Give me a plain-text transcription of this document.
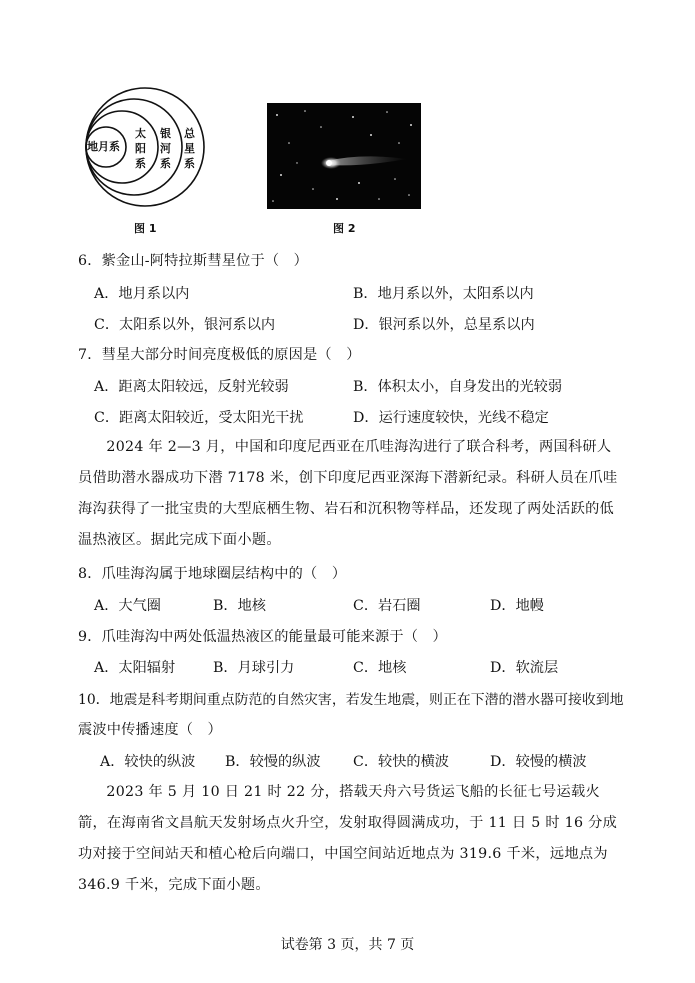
地月系
太阳系
银河系
总星系
图 1	图 2
6．紫金山-阿特拉斯彗星位于（　）
A．地月系以内	B．地月系以外，太阳系以内
C．太阳系以外，银河系以内	D．银河系以外，总星系以内
7．彗星大部分时间亮度极低的原因是（　）
A．距离太阳较远，反射光较弱	B．体积太小，自身发出的光较弱
C．距离太阳较近，受太阳光干扰	D．运行速度较快，光线不稳定

2024 年 2—3 月，中国和印度尼西亚在爪哇海沟进行了联合科考，两国科研人员借助潜水器成功下潜 7178 米，创下印度尼西亚深海下潜新纪录。科研人员在爪哇海沟获得了一批宝贵的大型底栖生物、岩石和沉积物等样品，还发现了两处活跃的低温热液区。据此完成下面小题。

8．爪哇海沟属于地球圈层结构中的（　）
A．大气圈	B．地核	C．岩石圈	D．地幔
9．爪哇海沟中两处低温热液区的能量最可能来源于（　）
A．太阳辐射	B．月球引力	C．地核	D．软流层
10．地震是科考期间重点防范的自然灾害，若发生地震，则正在下潜的潜水器可接收到地
震波中传播速度（　）
A．较快的纵波 B．较慢的纵波 C．较快的横波	D．较慢的横波

2023 年 5 月 10 日 21 时 22 分，搭载天舟六号货运飞船的长征七号运载火箭，在海南省文昌航天发射场点火升空，发射取得圆满成功，于 11 日 5 时 16 分成功对接于空间站天和植心枪后向端口，中国空间站近地点为 319.6 千米，远地点为 346.9 千米，完成下面小题。

试卷第 3 页，共 7 页
